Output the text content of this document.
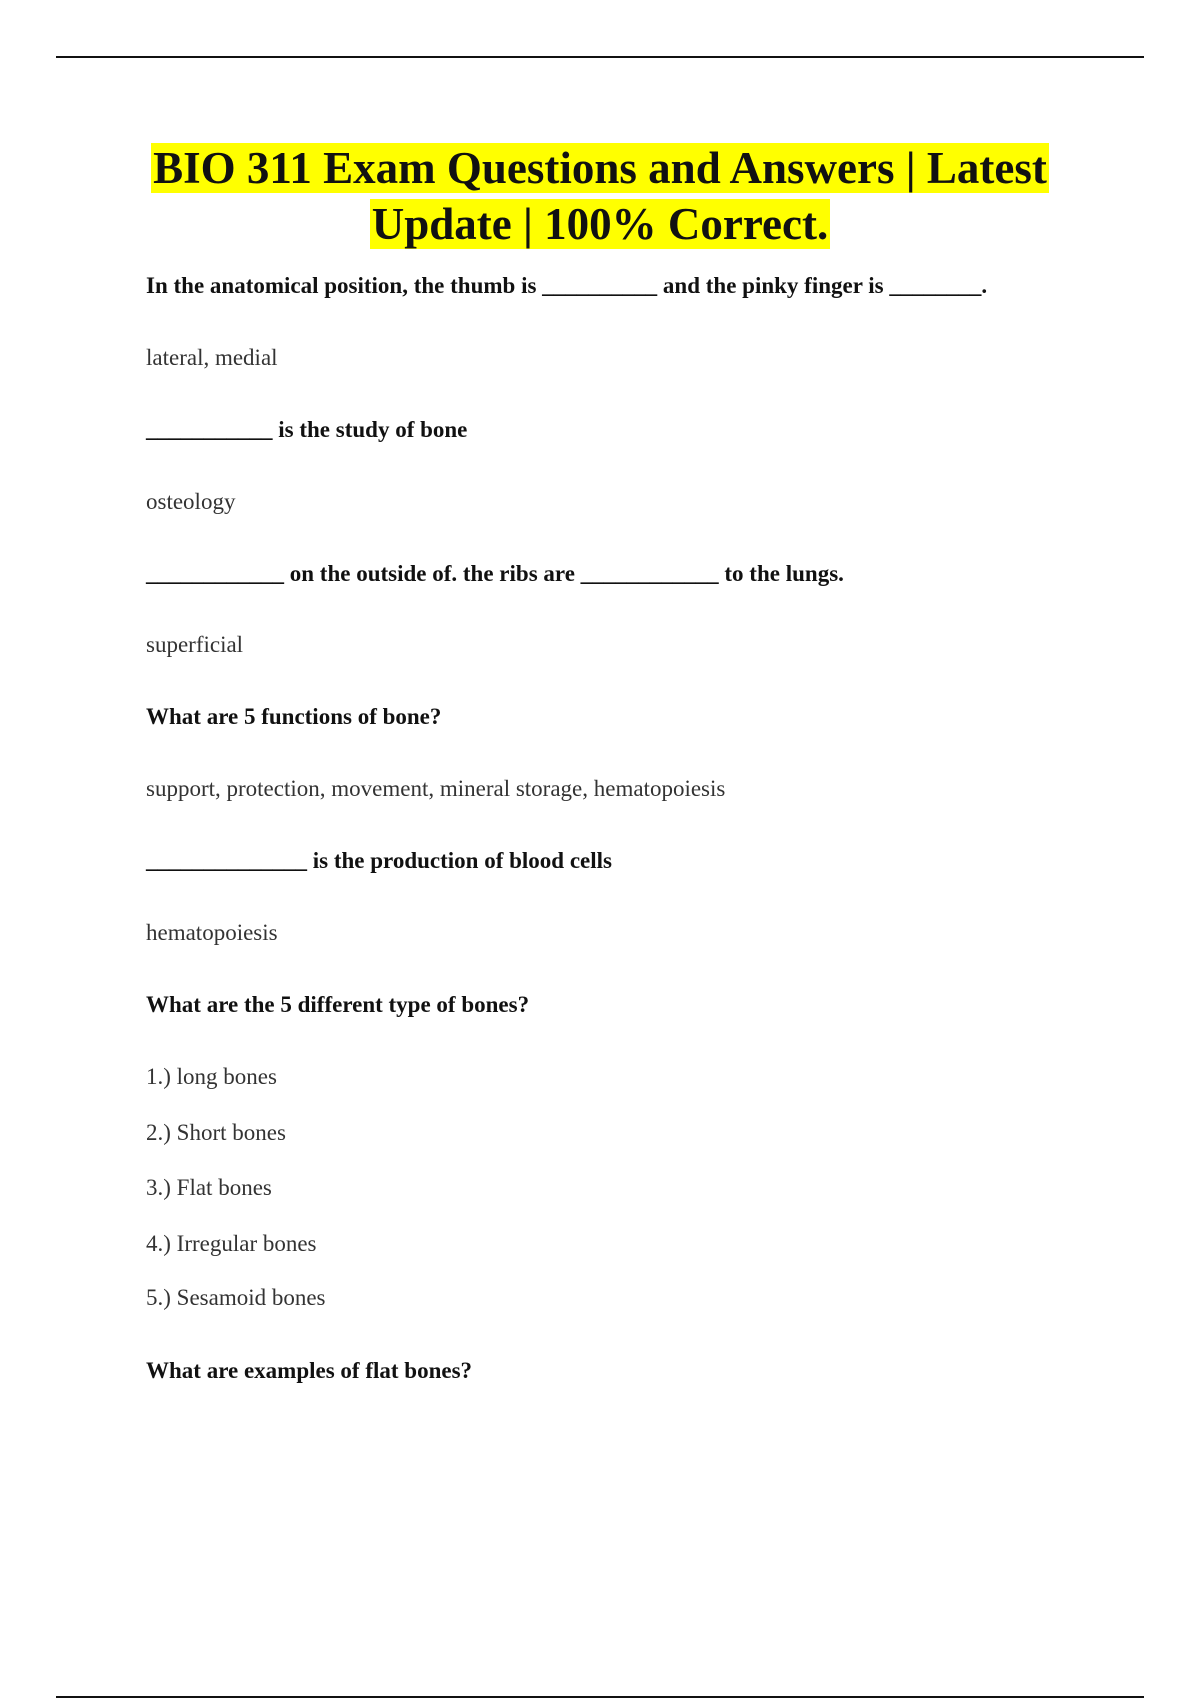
BIO 311 Exam Questions and Answers | Latest
Update | 100% Correct.
In the anatomical position, the thumb is __________ and the pinky finger is ________.
lateral, medial
___________ is the study of bone
osteology
____________ on the outside of. the ribs are ____________ to the lungs.
superficial
What are 5 functions of bone?
support, protection, movement, mineral storage, hematopoiesis
______________ is the production of blood cells
hematopoiesis
What are the 5 different type of bones?
1.) long bones
2.) Short bones
3.) Flat bones
4.) Irregular bones
5.) Sesamoid bones
What are examples of flat bones?
